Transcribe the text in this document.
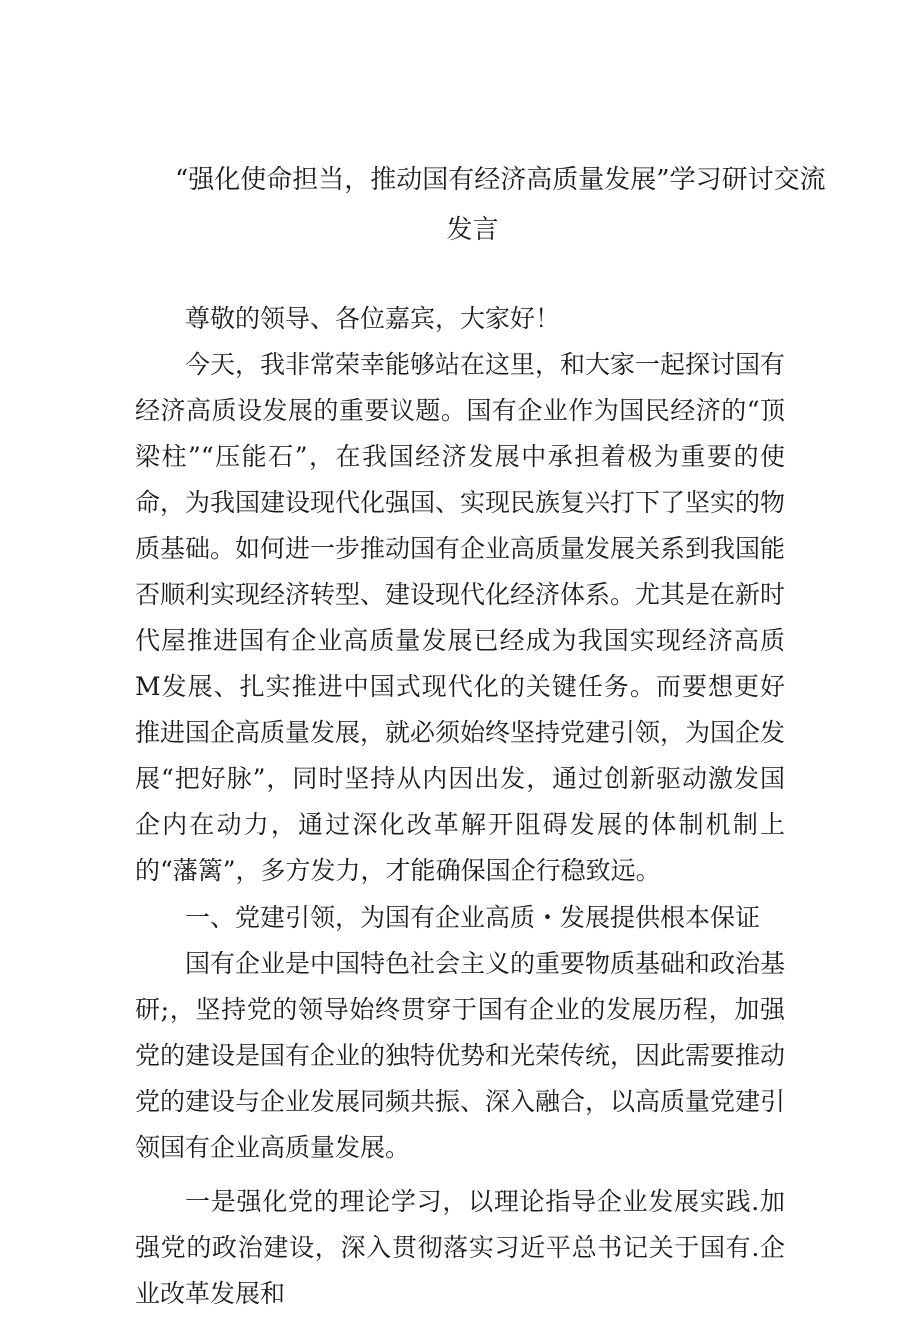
“强化使命担当，推动国有经济高质量发展”学习研讨交流
发言

尊敬的领导、各位嘉宾，大家好！

今天，我非常荣幸能够站在这里，和大家一起探讨国有经济高质设发展的重要议题。国有企业作为国民经济的“顶梁柱”“压能石”，在我国经济发展中承担着极为重要的使命，为我国建设现代化强国、实现民族复兴打下了坚实的物质基础。如何进一步推动国有企业高质量发展关系到我国能否顺利实现经济转型、建设现代化经济体系。尤其是在新时代屋推进国有企业高质量发展已经成为我国实现经济高质M发展、扎实推进中国式现代化的关键任务。而要想更好推进国企高质量发展，就必须始终坚持党建引领，为国企发展“把好脉”，同时坚持从内因出发，通过创新驱动激发国企内在动力，通过深化改革解开阻碍发展的体制机制上的“藩篱”，多方发力，才能确保国企行稳致远。

一、党建引领，为国有企业高质・发展提供根本保证

国有企业是中国特色社会主义的重要物质基础和政治基研;，坚持党的领导始终贯穿于国有企业的发展历程，加强党的建设是国有企业的独特优势和光荣传统，因此需要推动党的建设与企业发展同频共振、深入融合，以高质量党建引领国有企业高质量发展。

一是强化党的理论学习，以理论指导企业发展实践.加强党的政治建设，深入贯彻落实习近平总书记关于国有.企业改革发展和
